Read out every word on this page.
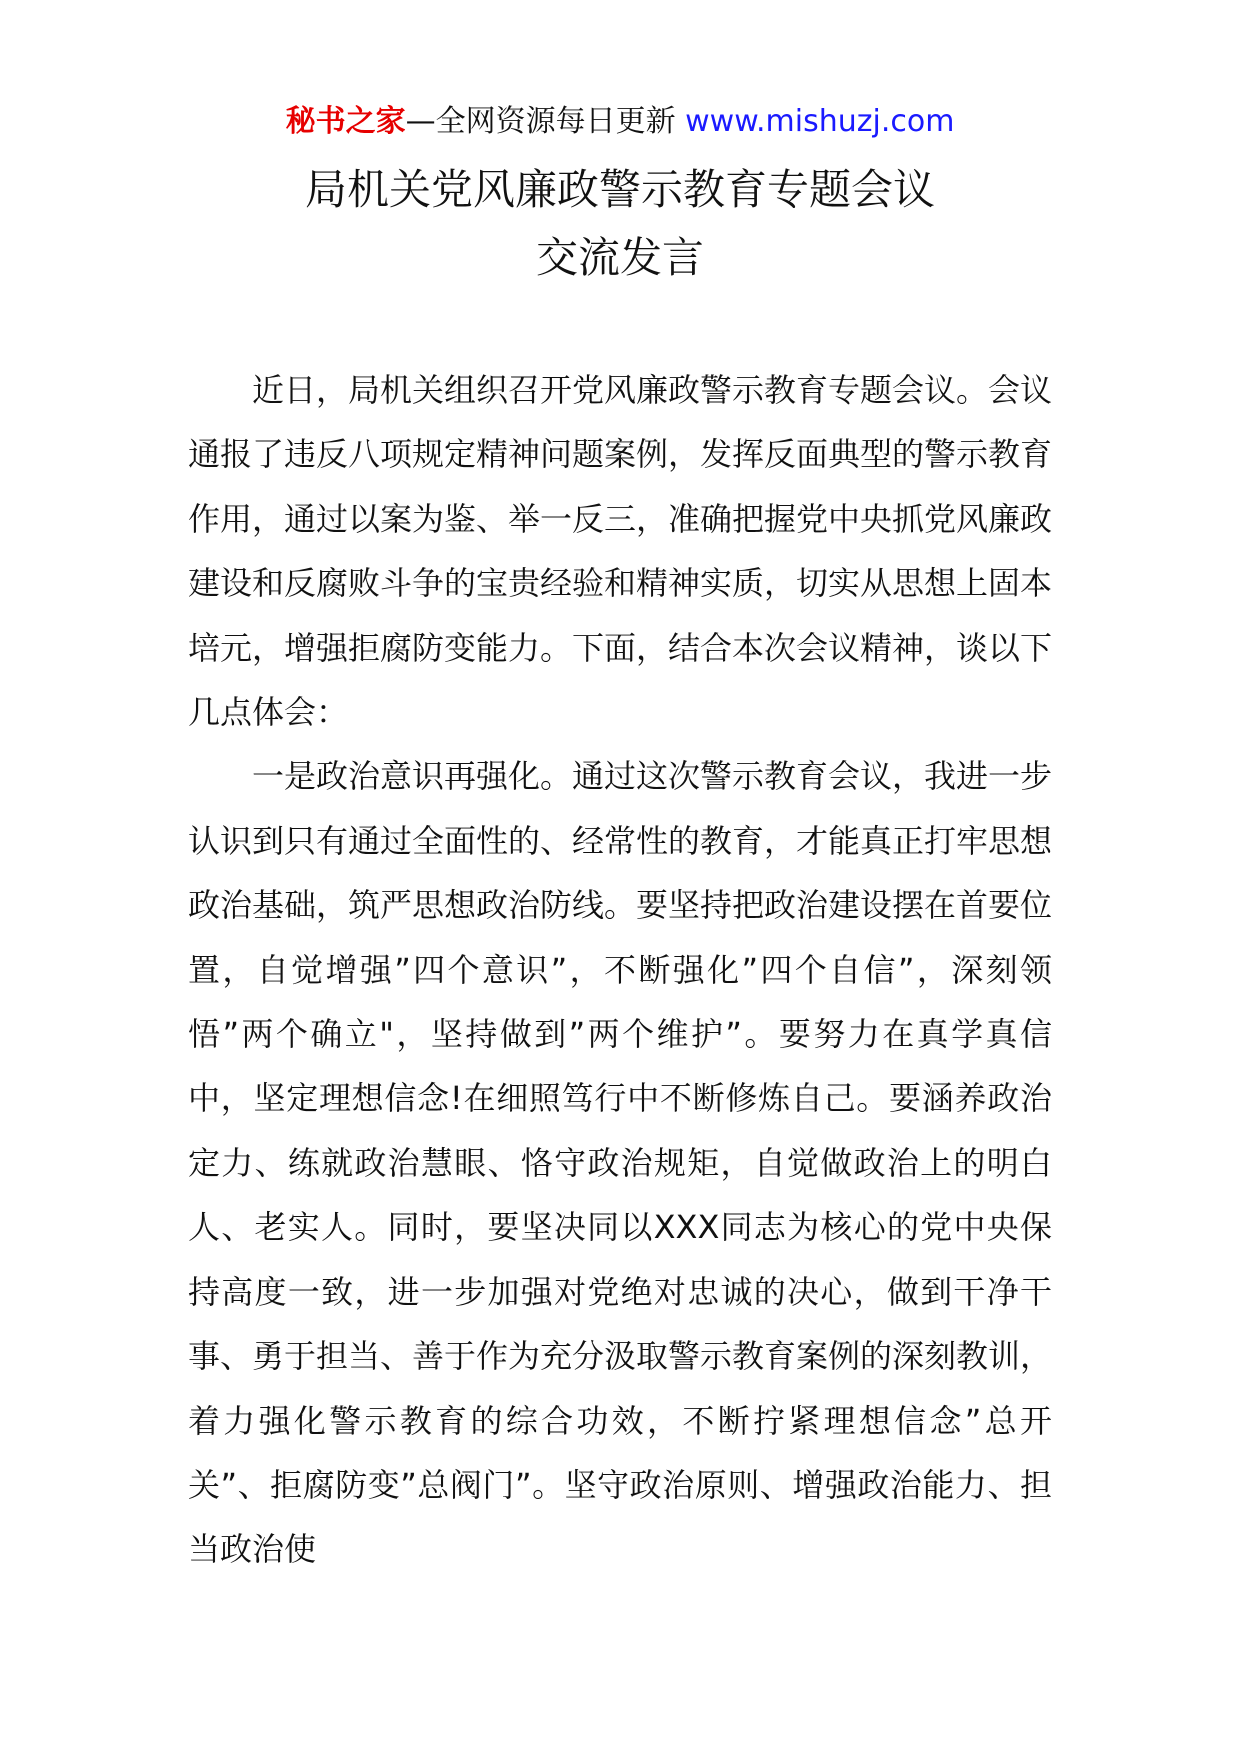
秘书之家—全网资源每日更新 www.mishuzj.com
局机关党风廉政警示教育专题会议
交流发言

近日，局机关组织召开党风廉政警示教育专题会议。会议通报了违反八项规定精神问题案例，发挥反面典型的警示教育作用，通过以案为鉴、举一反三，准确把握党中央抓党风廉政建设和反腐败斗争的宝贵经验和精神实质，切实从思想上固本培元，增强拒腐防变能力。下面，结合本次会议精神，谈以下几点体会：

一是政治意识再强化。通过这次警示教育会议，我进一步认识到只有通过全面性的、经常性的教育，才能真正打牢思想政治基础，筑严思想政治防线。要坚持把政治建设摆在首要位置，自觉增强”四个意识”，不断强化”四个自信”，深刻领悟”两个确立"，坚持做到”两个维护”。要努力在真学真信中，坚定理想信念!在细照笃行中不断修炼自己。要涵养政治定力、练就政治慧眼、恪守政治规矩，自觉做政治上的明白人、老实人。同时，要坚决同以XXX同志为核心的党中央保持高度一致，进一步加强对党绝对忠诚的决心，做到干净干事、勇于担当、善于作为充分汲取警示教育案例的深刻教训，着力强化警示教育的综合功效，不断拧紧理想信念”总开关”、拒腐防变”总阀门”。坚守政治原则、增强政治能力、担当政治使
